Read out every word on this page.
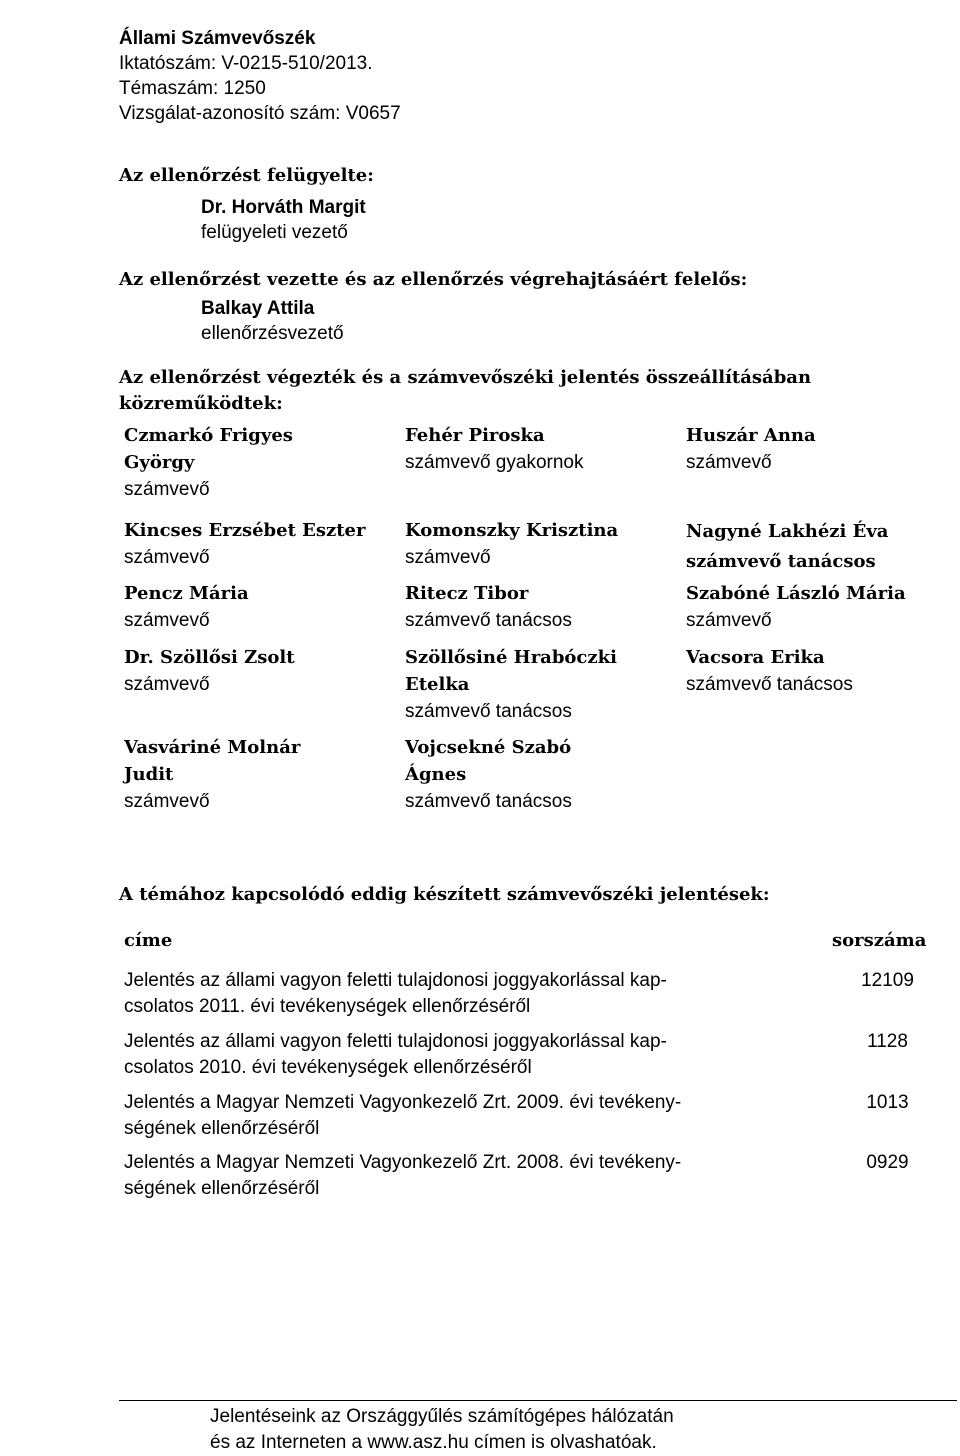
Állami Számvevőszék
Iktatószám: V-0215-510/2013.
Témaszám: 1250
Vizsgálat-azonosító szám: V0657
Az ellenőrzést felügyelte:
Dr. Horváth Margit
felügyeleti vezető
Az ellenőrzést vezette és az ellenőrzés végrehajtásáért felelős:
Balkay Attila
ellenőrzésvezető
Az ellenőrzést végezték és a számvevőszéki jelentés összeállításában
közreműködtek:
Czmarkó Frigyes
György
számvevő
Fehér Piroska
számvevő gyakornok
Huszár Anna
számvevő
Kincses Erzsébet Eszter
számvevő
Komonszky Krisztina
számvevő
Nagyné Lakhézi Éva
számvevő tanácsos
Pencz Mária
számvevő
Ritecz Tibor
számvevő tanácsos
Szabóné László Mária
számvevő
Dr. Szöllősi Zsolt
számvevő
Szöllősiné Hrabóczki
Etelka
számvevő tanácsos
Vacsora Erika
számvevő tanácsos
Vasváriné Molnár
Judit
számvevő
Vojcsekné Szabó
Ágnes
számvevő tanácsos
A témához kapcsolódó eddig készített számvevőszéki jelentések:
címe	sorszáma
Jelentés az állami vagyon feletti tulajdonosi joggyakorlással kap-
csolatos 2011. évi tevékenységek ellenőrzéséről
12109
Jelentés az állami vagyon feletti tulajdonosi joggyakorlással kap-
csolatos 2010. évi tevékenységek ellenőrzéséről
1128
Jelentés a Magyar Nemzeti Vagyonkezelő Zrt. 2009. évi tevékeny-
ségének ellenőrzéséről
1013
Jelentés a Magyar Nemzeti Vagyonkezelő Zrt. 2008. évi tevékeny-
ségének ellenőrzéséről
0929
Jelentéseink az Országgyűlés számítógépes hálózatán
és az Interneten a www.asz.hu címen is olvashatóak.
